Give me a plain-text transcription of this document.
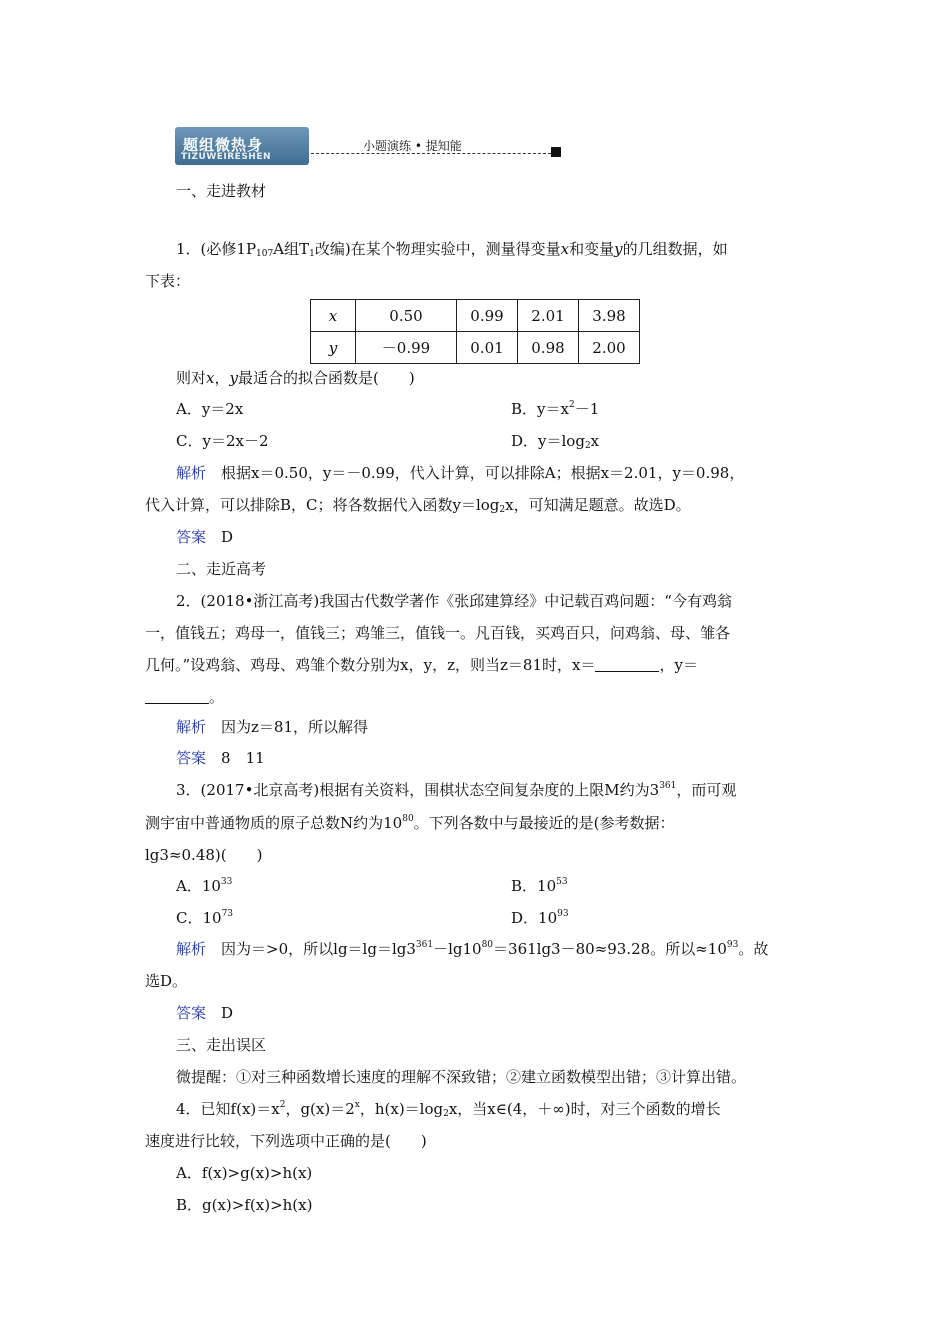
题组微热身
TIZUWEIRESHEN
小题演练 • 提知能
一、走进教材
1．(必修$1P_{107}A$组$T_1$改编)在某个物理实验中，测量得变量x和变量y的几组数据，如
下表：
x	0.50	0.99	2.01	3.98
y	－0.99	0.01	0.98	2.00
则对x，y最适合的拟合函数是(　　)
A．y＝2x	B．$y=x^2-1$
C．y＝2x－2	D．$y=\log_2x$
解析　 根据x＝0.50，y＝－0.99，代入计算，可以排除A；根据x＝2.01，y＝0.98，
代入计算，可以排除B，C；将各数据代入函数$y=\log_2x$，可知满足题意。故选D。
答案　 D
二、走近高考
2．(2018•浙江高考)我国古代数学著作《张邱建算经》中记载百鸡问题：“今有鸡翁
一，值钱五；鸡母一，值钱三；鸡雏三，值钱一。凡百钱，买鸡百只，问鸡翁、母、雏各
几何。”设鸡翁、鸡母、鸡雏个数分别为x，y，z，则当z＝81时，x＝	，y＝
。
解析　 因为z＝81，所以解得
答案　 8　11
3．(2017•北京高考)根据有关资料，围棋状态空间复杂度的上限M约为$3^{361}$，而可观
测宇宙中普通物质的原子总数N约为$10^{80}$。下列各数中与最接近的是(参考数据：
lg3≈0.48)(　　)
A．$10^{33}$	B．$10^{53}$
C．$10^{73}$	D．$10^{93}$
解析　 因为＝>0，所以$\lg=\lg=\lg 3^{361}-\lg 10^{80}=361\lg 3-80\approx 93.28$。所以$\approx 10^{93}$。故
选D。
答案　 D
三、走出误区
微提醒：①对三种函数增长速度的理解不深致错；②建立函数模型出错；③计算出错。
4．已知$f(x)=x^2$，$g(x)=2^x$，$h(x)=\log_2x$，当x∈(4，＋∞)时，对三个函数的增长
速度进行比较，下列选项中正确的是(　　)
A．f(x)>g(x)>h(x)
B．g(x)>f(x)>h(x)
